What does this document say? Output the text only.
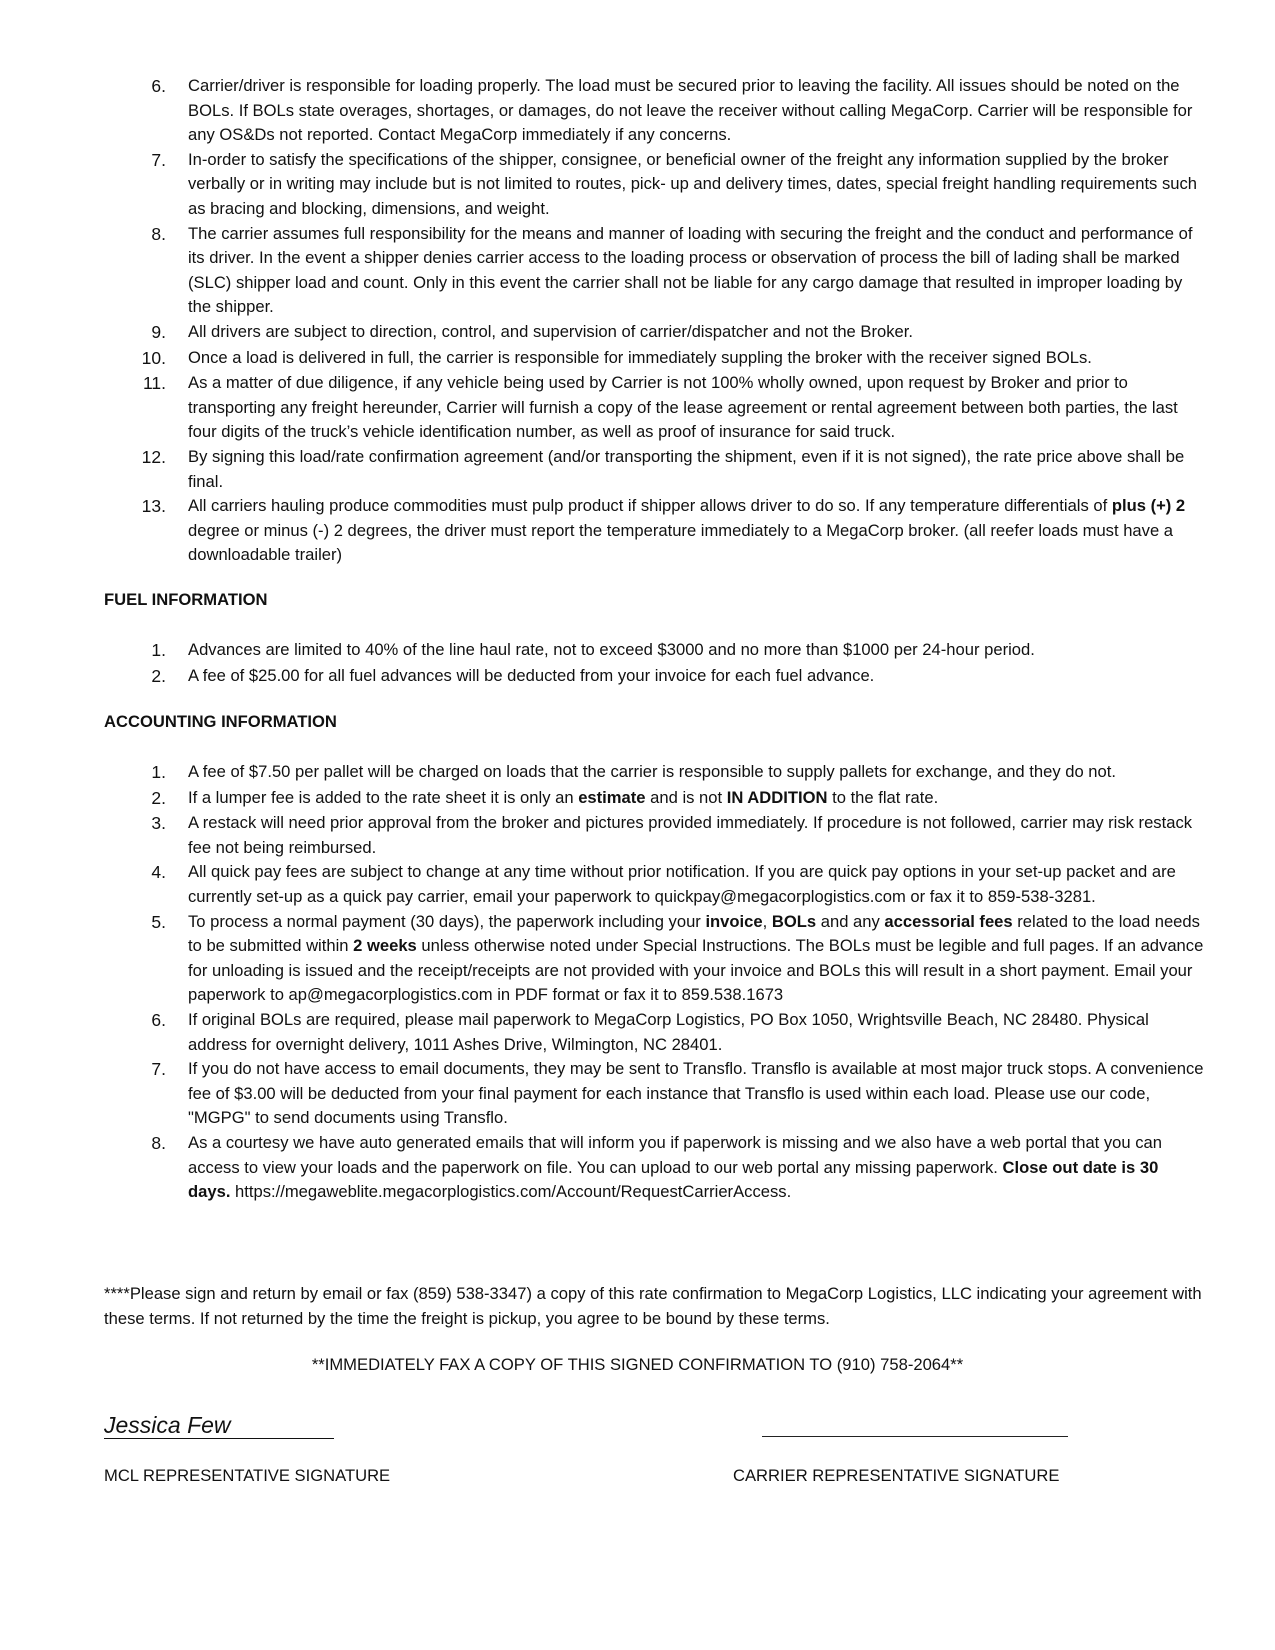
6.	Carrier/driver is responsible for loading properly. The load must be secured prior to leaving the facility. All issues should be noted on the BOLs. If BOLs state overages, shortages, or damages, do not leave the receiver without calling MegaCorp. Carrier will be responsible for any OS&Ds not reported. Contact MegaCorp immediately if any concerns.
7.	In-order to satisfy the specifications of the shipper, consignee, or beneficial owner of the freight any information supplied by the broker verbally or in writing may include but is not limited to routes, pick- up and delivery times, dates, special freight handling requirements such as bracing and blocking, dimensions, and weight.
8.	The carrier assumes full responsibility for the means and manner of loading with securing the freight and the conduct and performance of its driver. In the event a shipper denies carrier access to the loading process or observation of process the bill of lading shall be marked (SLC) shipper load and count. Only in this event the carrier shall not be liable for any cargo damage that resulted in improper loading by the shipper.
9.	All drivers are subject to direction, control, and supervision of carrier/dispatcher and not the Broker.
10.	Once a load is delivered in full, the carrier is responsible for immediately suppling the broker with the receiver signed BOLs.
11.	As a matter of due diligence, if any vehicle being used by Carrier is not 100% wholly owned, upon request by Broker and prior to transporting any freight hereunder, Carrier will furnish a copy of the lease agreement or rental agreement between both parties, the last four digits of the truck’s vehicle identification number, as well as proof of insurance for said truck.
12.	By signing this load/rate confirmation agreement (and/or transporting the shipment, even if it is not signed), the rate price above shall be final.
13.	All carriers hauling produce commodities must pulp product if shipper allows driver to do so. If any temperature differentials of plus (+) 2 degree or minus (-) 2 degrees, the driver must report the temperature immediately to a MegaCorp broker. (all reefer loads must have a downloadable trailer)
FUEL INFORMATION
1.	Advances are limited to 40% of the line haul rate, not to exceed $3000 and no more than $1000 per 24-hour period.
2.	A fee of $25.00 for all fuel advances will be deducted from your invoice for each fuel advance.
ACCOUNTING INFORMATION
1.	A fee of $7.50 per pallet will be charged on loads that the carrier is responsible to supply pallets for exchange, and they do not.
2.	If a lumper fee is added to the rate sheet it is only an estimate and is not IN ADDITION to the flat rate.
3.	A restack will need prior approval from the broker and pictures provided immediately. If procedure is not followed, carrier may risk restack fee not being reimbursed.
4.	All quick pay fees are subject to change at any time without prior notification. If you are quick pay options in your set-up packet and are currently set-up as a quick pay carrier, email your paperwork to quickpay@megacorplogistics.com or fax it to 859-538-3281.
5.	To process a normal payment (30 days), the paperwork including your invoice, BOLs and any accessorial fees related to the load needs to be submitted within 2 weeks unless otherwise noted under Special Instructions. The BOLs must be legible and full pages. If an advance for unloading is issued and the receipt/receipts are not provided with your invoice and BOLs this will result in a short payment. Email your paperwork to ap@megacorplogistics.com in PDF format or fax it to 859.538.1673
6.	If original BOLs are required, please mail paperwork to MegaCorp Logistics, PO Box 1050, Wrightsville Beach, NC 28480. Physical address for overnight delivery, 1011 Ashes Drive, Wilmington, NC 28401.
7.	If you do not have access to email documents, they may be sent to Transflo. Transflo is available at most major truck stops. A convenience fee of $3.00 will be deducted from your final payment for each instance that Transflo is used within each load. Please use our code, "MGPG" to send documents using Transflo.
8.	As a courtesy we have auto generated emails that will inform you if paperwork is missing and we also have a web portal that you can access to view your loads and the paperwork on file. You can upload to our web portal any missing paperwork. Close out date is 30 days. https://megaweblite.megacorplogistics.com/Account/RequestCarrierAccess.
****Please sign and return by email or fax (859) 538-3347) a copy of this rate confirmation to MegaCorp Logistics, LLC indicating your agreement with these terms. If not returned by the time the freight is pickup, you agree to be bound by these terms.
**IMMEDIATELY FAX A COPY OF THIS SIGNED CONFIRMATION TO (910) 758-2064**
Jessica Few
MCL REPRESENTATIVE SIGNATURE	CARRIER REPRESENTATIVE SIGNATURE
